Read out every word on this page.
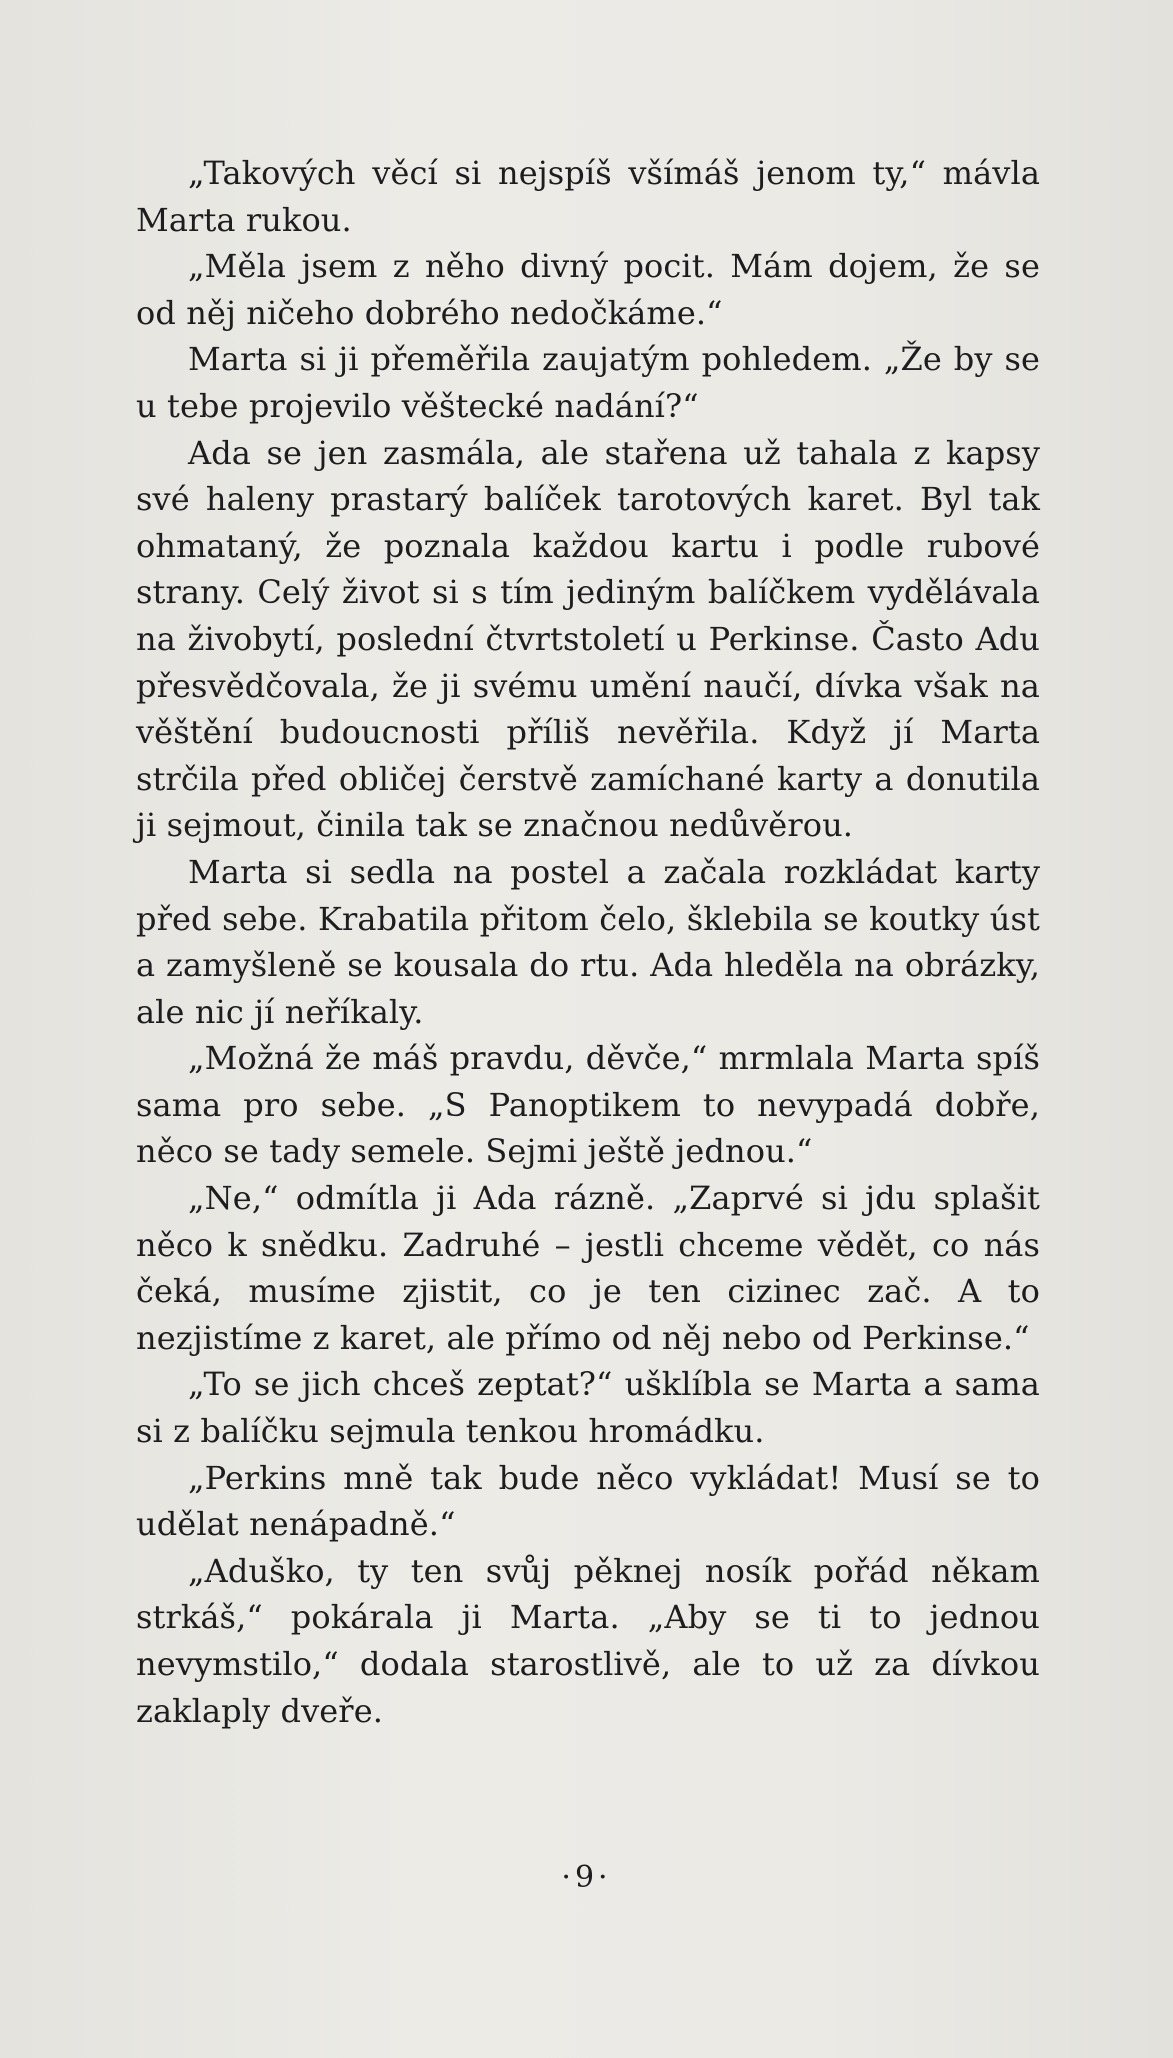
„Takových věcí si nejspíš všímáš jenom ty,“ mávla Marta rukou.

„Měla jsem z něho divný pocit. Mám dojem, že se od něj ničeho dobrého nedočkáme.“

Marta si ji přeměřila zaujatým pohledem. „Že by se u tebe projevilo věštecké nadání?“

Ada se jen zasmála, ale stařena už tahala z kapsy své haleny prastarý balíček tarotových karet. Byl tak ohmataný, že poznala každou kartu i podle rubové strany. Celý život si s tím jediným balíčkem vydělávala na živobytí, poslední čtvrtstoletí u Perkinse. Často Adu přesvědčovala, že ji svému umění naučí, dívka však na věštění budoucnosti příliš nevěřila. Když jí Marta strčila před obličej čerstvě zamíchané karty a donutila ji sejmout, činila tak se značnou nedůvěrou.

Marta si sedla na postel a začala rozkládat karty před sebe. Krabatila přitom čelo, šklebila se koutky úst a zamyšleně se kousala do rtu. Ada hleděla na obrázky, ale nic jí neříkaly.

„Možná že máš pravdu, děvče,“ mrmlala Marta spíš sama pro sebe. „S Panoptikem to nevypadá dobře, něco se tady semele. Sejmi ještě jednou.“

„Ne,“ odmítla ji Ada rázně. „Zaprvé si jdu splašit něco k snědku. Zadruhé – jestli chceme vědět, co nás čeká, musíme zjistit, co je ten cizinec zač. A to nezjistíme z karet, ale přímo od něj nebo od Perkinse.“

„To se jich chceš zeptat?“ ušklíbla se Marta a sama si z balíčku sejmula tenkou hromádku.

„Perkins mně tak bude něco vykládat! Musí se to udělat nenápadně.“

„Aduško, ty ten svůj pěknej nosík pořád někam strkáš,“ pokárala ji Marta. „Aby se ti to jednou nevymstilo,“ dodala starostlivě, ale to už za dívkou zaklaply dveře.

·9·
